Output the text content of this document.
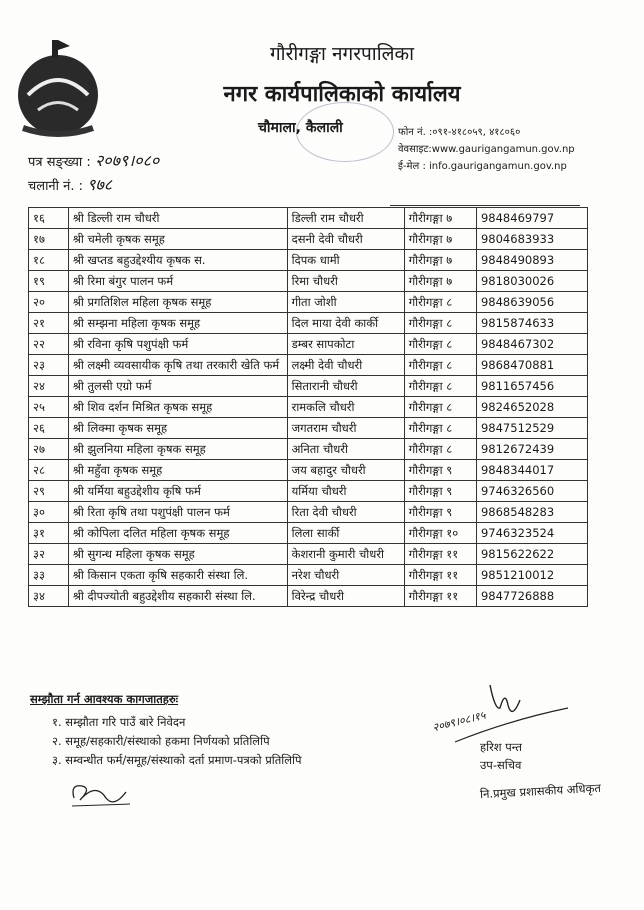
गौरीगङ्गा नगरपालिका
नगर कार्यपालिकाको कार्यालय
चौमाला, कैलाली	फोन नं. :०९१-४१८०५९, ४१८०६०
वेवसाइट:www.gaurigangamun.gov.np
ई-मेल : info.gaurigangamun.gov.np
पत्र सङ्ख्या : २०७९।०८०
चलानी नं. : ९७८
१६	श्री डिल्ली राम चौधरी	डिल्ली राम चौधरी	गौरीगङ्गा ७	9848469797
१७	श्री चमेली कृषक समूह	दसनी देवी चौधरी	गौरीगङ्गा ७	9804683933
१८	श्री खप्तड बहुउद्देश्यीय कृषक स.	दिपक धामी	गौरीगङ्गा ७	9848490893
१९	श्री रिमा बंगुर पालन फर्म	रिमा चौधरी	गौरीगङ्गा ७	9818030026
२०	श्री प्रगतिशिल महिला कृषक समूह	गीता जोशी	गौरीगङ्गा ८	9848639056
२१	श्री सम्झना महिला कृषक समूह	दिल माया देवी कार्की	गौरीगङ्गा ८	9815874633
२२	श्री रविना कृषि पशुपंक्षी फर्म	डम्बर सापकोटा	गौरीगङ्गा ८	9848467302
२३	श्री लक्ष्मी व्यवसायीक कृषि तथा तरकारी खेति फर्म	लक्ष्मी देवी चौधरी	गौरीगङ्गा ८	9868470881
२४	श्री तुलसी एग्रो फर्म	सितारानी चौधरी	गौरीगङ्गा ८	9811657456
२५	श्री शिव दर्शन मिश्रित कृषक समूह	रामकलि चौधरी	गौरीगङ्गा ८	9824652028
२६	श्री लिक्मा कृषक समूह	जगतराम चौधरी	गौरीगङ्गा ८	9847512529
२७	श्री झुलनिया महिला कृषक समूह	अनिता चौधरी	गौरीगङ्गा ८	9812672439
२८	श्री महुँवा कृषक समूह	जय बहादुर चौधरी	गौरीगङ्गा ९	9848344017
२९	श्री यर्मिया बहुउद्देशीय कृषि फर्म	यर्मिया चौधरी	गौरीगङ्गा ९	9746326560
३०	श्री रिता कृषि तथा पशुपंक्षी पालन फर्म	रिता देवी चौधरी	गौरीगङ्गा ९	9868548283
३१	श्री कोपिला दलित महिला कृषक समूह	लिला सार्की	गौरीगङ्गा १०	9746323524
३२	श्री सुगन्ध महिला कृषक समूह	केशरानी कुमारी चौधरी	गौरीगङ्गा ११	9815622622
३३	श्री किसान एकता कृषि सहकारी संस्था लि.	नरेश चौधरी	गौरीगङ्गा ११	9851210012
३४	श्री दीपज्योती बहुउद्देशीय सहकारी संस्था लि.	विरेन्द्र चौधरी	गौरीगङ्गा ११	9847726888
सम्झौता गर्न आवश्यक कागजातहरुः
१. सम्झौता गरि पाउँ बारे निवेदन
२. समूह/सहकारी/संस्थाको हकमा निर्णयको प्रतिलिपि
३. सम्वन्धीत फर्म/समूह/संस्थाको दर्ता प्रमाण-पत्रको प्रतिलिपि
२०७९।०८।१५
हरिश पन्त
उप-सचिव
नि.प्रमुख प्रशासकीय अधिकृत
